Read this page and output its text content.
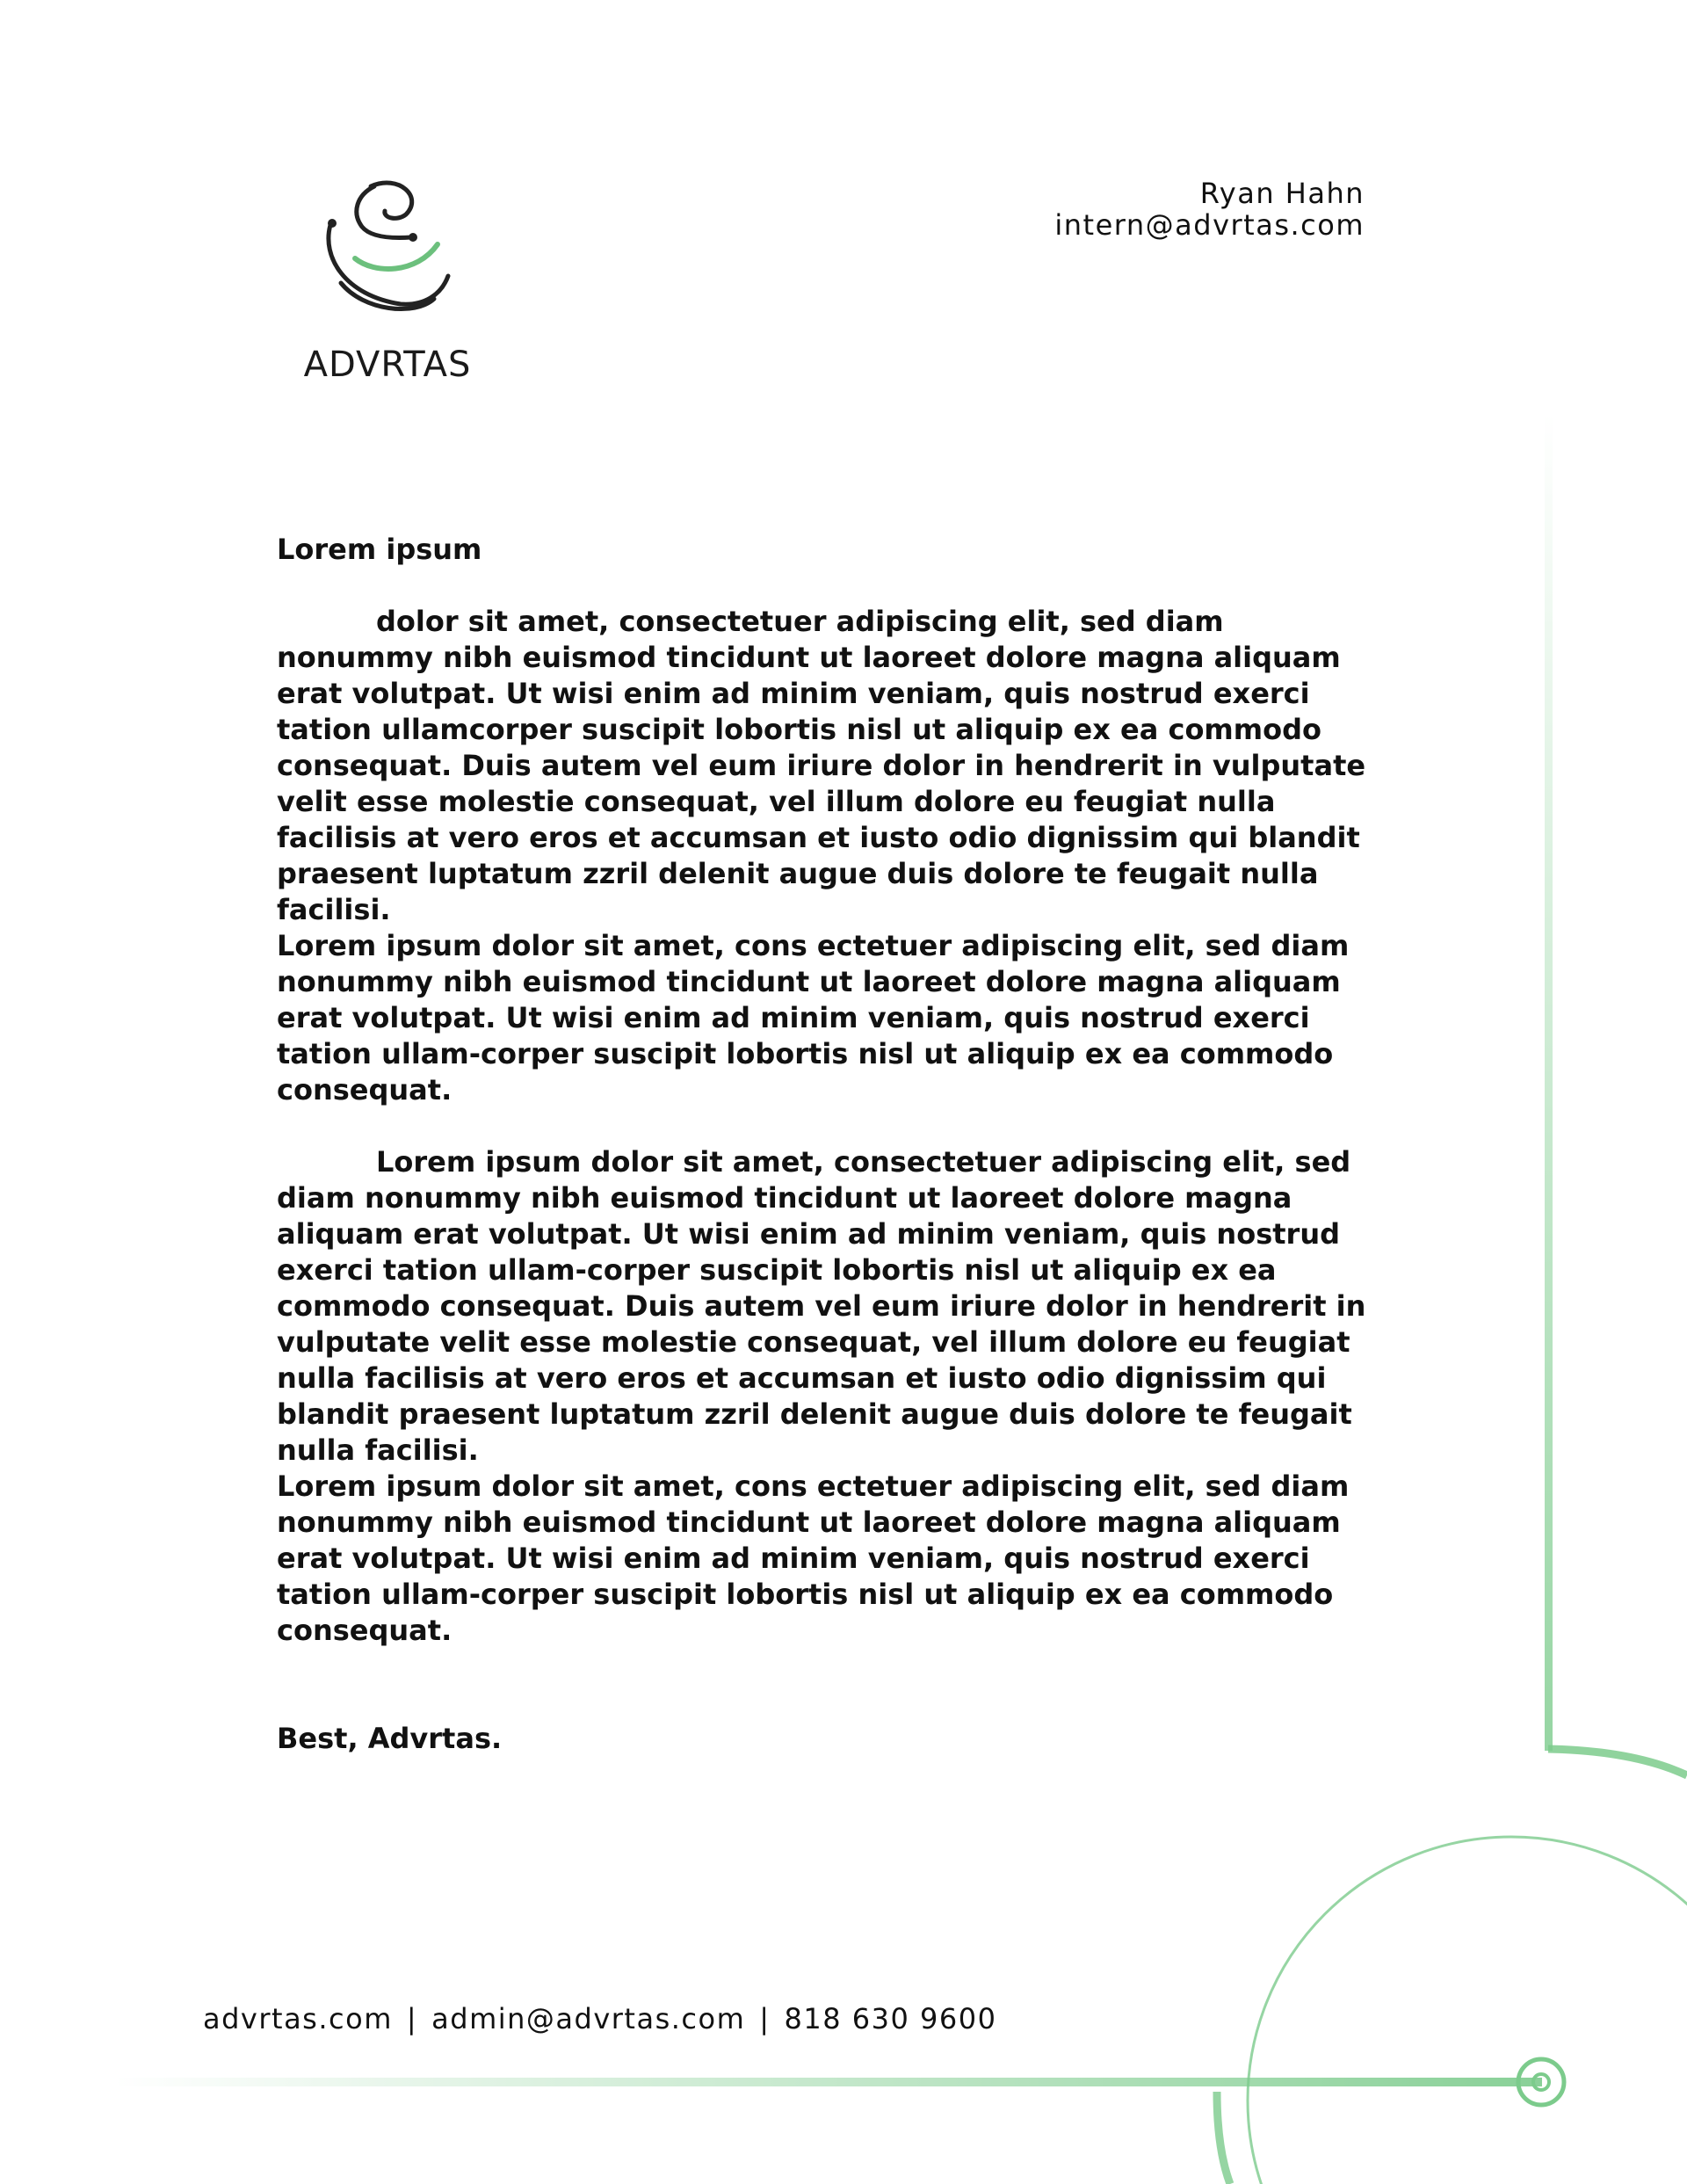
ADVRTAS
Ryan Hahn
intern@advrtas.com

Lorem ipsum

dolor sit amet, consectetuer adipiscing elit, sed diam nonummy nibh euismod tincidunt ut laoreet dolore magna aliquam erat volutpat. Ut wisi enim ad minim veniam, quis nostrud exerci tation ullamcorper suscipit lobortis nisl ut aliquip ex ea commodo consequat. Duis autem vel eum iriure dolor in hendrerit in vulputate velit esse molestie consequat, vel illum dolore eu feugiat nulla facilisis at vero eros et accumsan et iusto odio dignissim qui blandit praesent luptatum zzril delenit augue duis dolore te feugait nulla facilisi.

Lorem ipsum dolor sit amet, cons ectetuer adipiscing elit, sed diam nonummy nibh euismod tincidunt ut laoreet dolore magna aliquam erat volutpat. Ut wisi enim ad minim veniam, quis nostrud exerci tation ullam-corper suscipit lobortis nisl ut aliquip ex ea commodo consequat.

Lorem ipsum dolor sit amet, consectetuer adipiscing elit, sed diam nonummy nibh euismod tincidunt ut laoreet dolore magna aliquam erat volutpat. Ut wisi enim ad minim veniam, quis nostrud exerci tation ullam-corper suscipit lobortis nisl ut aliquip ex ea commodo consequat. Duis autem vel eum iriure dolor in hendrerit in vulputate velit esse molestie consequat, vel illum dolore eu feugiat nulla facilisis at vero eros et accumsan et iusto odio dignissim qui blandit praesent luptatum zzril delenit augue duis dolore te feugait nulla facilisi.

Lorem ipsum dolor sit amet, cons ectetuer adipiscing elit, sed diam nonummy nibh euismod tincidunt ut laoreet dolore magna aliquam erat volutpat. Ut wisi enim ad minim veniam, quis nostrud exerci tation ullam-corper suscipit lobortis nisl ut aliquip ex ea commodo consequat.

Best, Advrtas.

advrtas.com | admin@advrtas.com | 818 630 9600
